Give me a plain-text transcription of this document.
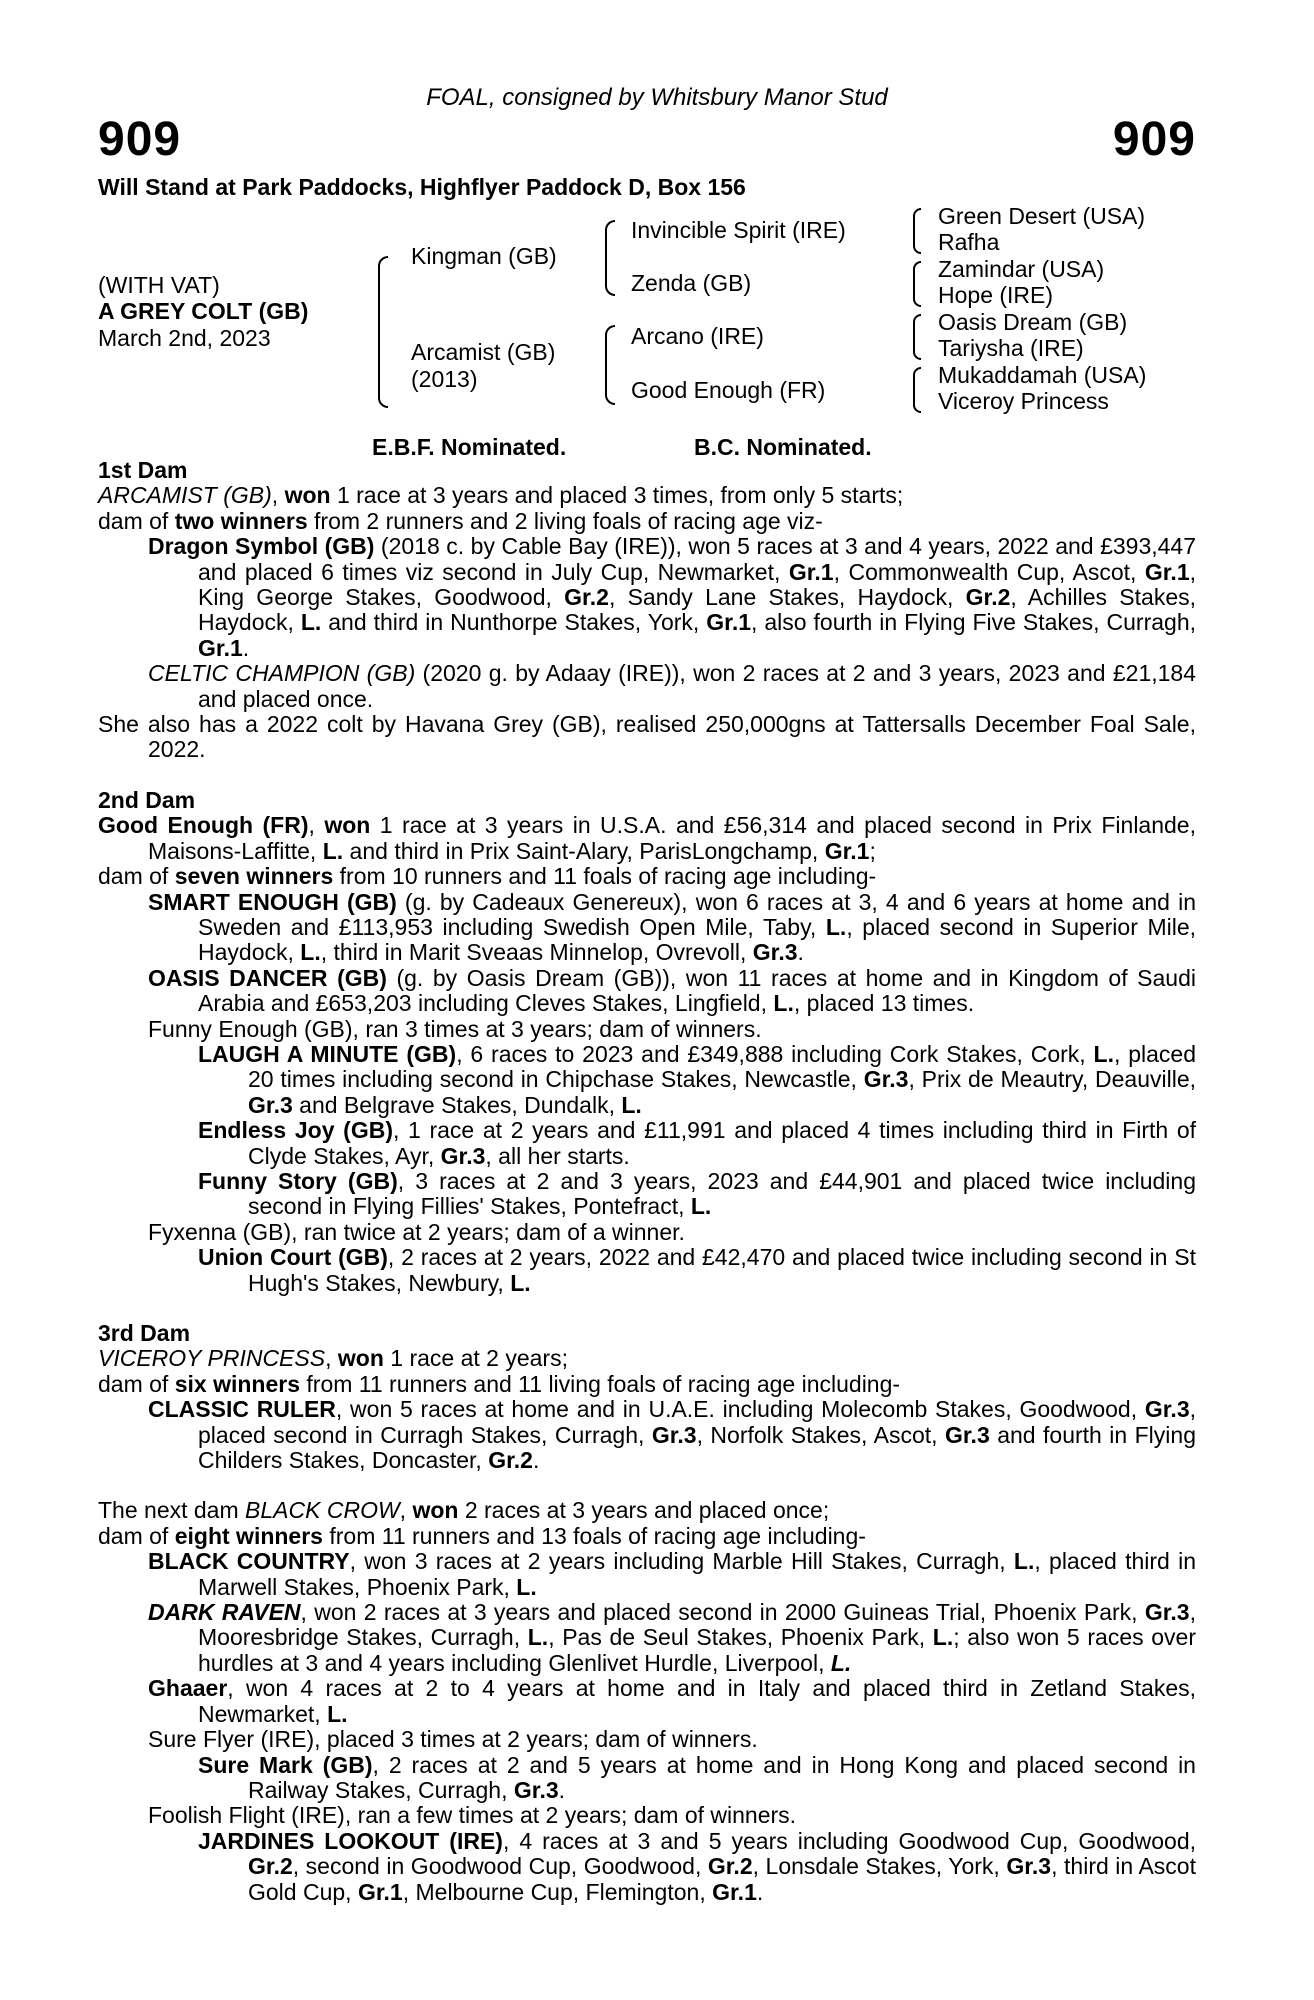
FOAL, consigned by Whitsbury Manor Stud
909	909
Will Stand at Park Paddocks, Highflyer Paddock D, Box 156
(WITH VAT)
A GREY COLT (GB)
March 2nd, 2023
Kingman (GB)
Arcamist (GB)
(2013)
Invincible Spirit (IRE)
Zenda (GB)
Arcano (IRE)
Good Enough (FR)
Green Desert (USA)
Rafha
Zamindar (USA)
Hope (IRE)
Oasis Dream (GB)
Tariysha (IRE)
Mukaddamah (USA)
Viceroy Princess
E.B.F. Nominated.	B.C. Nominated.

1st Dam

ARCAMIST (GB), won 1 race at 3 years and placed 3 times, from only 5 starts;

dam of two winners from 2 runners and 2 living foals of racing age viz-

Dragon Symbol (GB) (2018 c. by Cable Bay (IRE)), won 5 races at 3 and 4 years, 2022 and £393,447 and placed 6 times viz second in July Cup, Newmarket, Gr.1, Commonwealth Cup, Ascot, Gr.1, King George Stakes, Goodwood, Gr.2, Sandy Lane Stakes, Haydock, Gr.2, Achilles Stakes, Haydock, L. and third in Nunthorpe Stakes, York, Gr.1, also fourth in Flying Five Stakes, Curragh, Gr.1.

CELTIC CHAMPION (GB) (2020 g. by Adaay (IRE)), won 2 races at 2 and 3 years, 2023 and £21,184 and placed once.

She also has a 2022 colt by Havana Grey (GB), realised 250,000gns at Tattersalls December Foal Sale, 2022.

2nd Dam

Good Enough (FR), won 1 race at 3 years in U.S.A. and £56,314 and placed second in Prix Finlande, Maisons-Laffitte, L. and third in Prix Saint-Alary, ParisLongchamp, Gr.1;

dam of seven winners from 10 runners and 11 foals of racing age including-

SMART ENOUGH (GB) (g. by Cadeaux Genereux), won 6 races at 3, 4 and 6 years at home and in Sweden and £113,953 including Swedish Open Mile, Taby, L., placed second in Superior Mile, Haydock, L., third in Marit Sveaas Minnelop, Ovrevoll, Gr.3.

OASIS DANCER (GB) (g. by Oasis Dream (GB)), won 11 races at home and in Kingdom of Saudi Arabia and £653,203 including Cleves Stakes, Lingfield, L., placed 13 times.

Funny Enough (GB), ran 3 times at 3 years; dam of winners.

LAUGH A MINUTE (GB), 6 races to 2023 and £349,888 including Cork Stakes, Cork, L., placed 20 times including second in Chipchase Stakes, Newcastle, Gr.3, Prix de Meautry, Deauville, Gr.3 and Belgrave Stakes, Dundalk, L.

Endless Joy (GB), 1 race at 2 years and £11,991 and placed 4 times including third in Firth of Clyde Stakes, Ayr, Gr.3, all her starts.

Funny Story (GB), 3 races at 2 and 3 years, 2023 and £44,901 and placed twice including second in Flying Fillies' Stakes, Pontefract, L.

Fyxenna (GB), ran twice at 2 years; dam of a winner.

Union Court (GB), 2 races at 2 years, 2022 and £42,470 and placed twice including second in St Hugh's Stakes, Newbury, L.

3rd Dam

VICEROY PRINCESS, won 1 race at 2 years;

dam of six winners from 11 runners and 11 living foals of racing age including-

CLASSIC RULER, won 5 races at home and in U.A.E. including Molecomb Stakes, Goodwood, Gr.3, placed second in Curragh Stakes, Curragh, Gr.3, Norfolk Stakes, Ascot, Gr.3 and fourth in Flying Childers Stakes, Doncaster, Gr.2.

The next dam BLACK CROW, won 2 races at 3 years and placed once;

dam of eight winners from 11 runners and 13 foals of racing age including-

BLACK COUNTRY, won 3 races at 2 years including Marble Hill Stakes, Curragh, L., placed third in Marwell Stakes, Phoenix Park, L.

DARK RAVEN, won 2 races at 3 years and placed second in 2000 Guineas Trial, Phoenix Park, Gr.3, Mooresbridge Stakes, Curragh, L., Pas de Seul Stakes, Phoenix Park, L.; also won 5 races over hurdles at 3 and 4 years including Glenlivet Hurdle, Liverpool, L.

Ghaaer, won 4 races at 2 to 4 years at home and in Italy and placed third in Zetland Stakes, Newmarket, L.

Sure Flyer (IRE), placed 3 times at 2 years; dam of winners.

Sure Mark (GB), 2 races at 2 and 5 years at home and in Hong Kong and placed second in Railway Stakes, Curragh, Gr.3.

Foolish Flight (IRE), ran a few times at 2 years; dam of winners.

JARDINES LOOKOUT (IRE), 4 races at 3 and 5 years including Goodwood Cup, Goodwood, Gr.2, second in Goodwood Cup, Goodwood, Gr.2, Lonsdale Stakes, York, Gr.3, third in Ascot Gold Cup, Gr.1, Melbourne Cup, Flemington, Gr.1.
